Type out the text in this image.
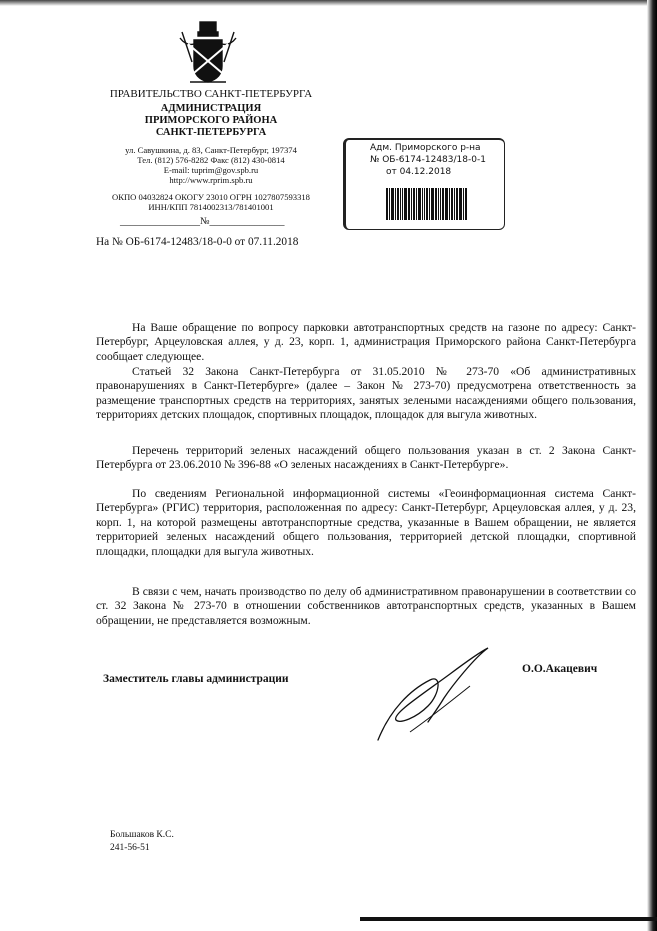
ПРАВИТЕЛЬСТВО САНКТ-ПЕТЕРБУРГА
АДМИНИСТРАЦИЯ
ПРИМОРСКОГО РАЙОНА
САНКТ-ПЕТЕРБУРГА
ул. Савушкина, д. 83, Санкт-Петербург, 197374
Тел. (812) 576-8282 Факс (812) 430-0814
E-mail: tuprim@gov.spb.ru
http://www.rprim.spb.ru
ОКПО 04032824 ОКОГУ 23010 ОГРН 1027807593318
ИНН/КПП 7814002313/781401001
________________№_______________
На № ОБ-6174-12483/18-0-0 от 07.11.2018
Адм. Приморского р-на
№ ОБ-6174-12483/18-0-1
от 04.12.2018

На Ваше обращение по вопросу парковки автотранспортных средств на газоне по адресу: Санкт-Петербург, Арцеуловская аллея, у д. 23, корп. 1, администрация Приморского района Санкт-Петербурга сообщает следующее.

Статьей 32 Закона Санкт-Петербурга от 31.05.2010 № 273-70 «Об административных правонарушениях в Санкт-Петербурге» (далее – Закон № 273-70) предусмотрена ответственность за размещение транспортных средств на территориях, занятых зелеными насаждениями общего пользования, территориях детских площадок, спортивных площадок, площадок для выгула животных.

Перечень территорий зеленых насаждений общего пользования указан в ст. 2 Закона Санкт-Петербурга от 23.06.2010 № 396-88 «О зеленых насаждениях в Санкт-Петербурге».

По сведениям Региональной информационной системы «Геоинформационная система Санкт-Петербурга» (РГИС) территория, расположенная по адресу: Санкт-Петербург, Арцеуловская аллея, у д. 23, корп. 1, на которой размещены автотранспортные средства, указанные в Вашем обращении, не является территорией зеленых насаждений общего пользования, территорией детской площадки, спортивной площадки, площадки для выгула животных.

В связи с чем, начать производство по делу об административном правонарушении в соответствии со ст. 32 Закона № 273-70 в отношении собственников автотранспортных средств, указанных в Вашем обращении, не представляется возможным.

Заместитель главы администрации
О.О.Акацевич
Большаков К.С.
241-56-51
